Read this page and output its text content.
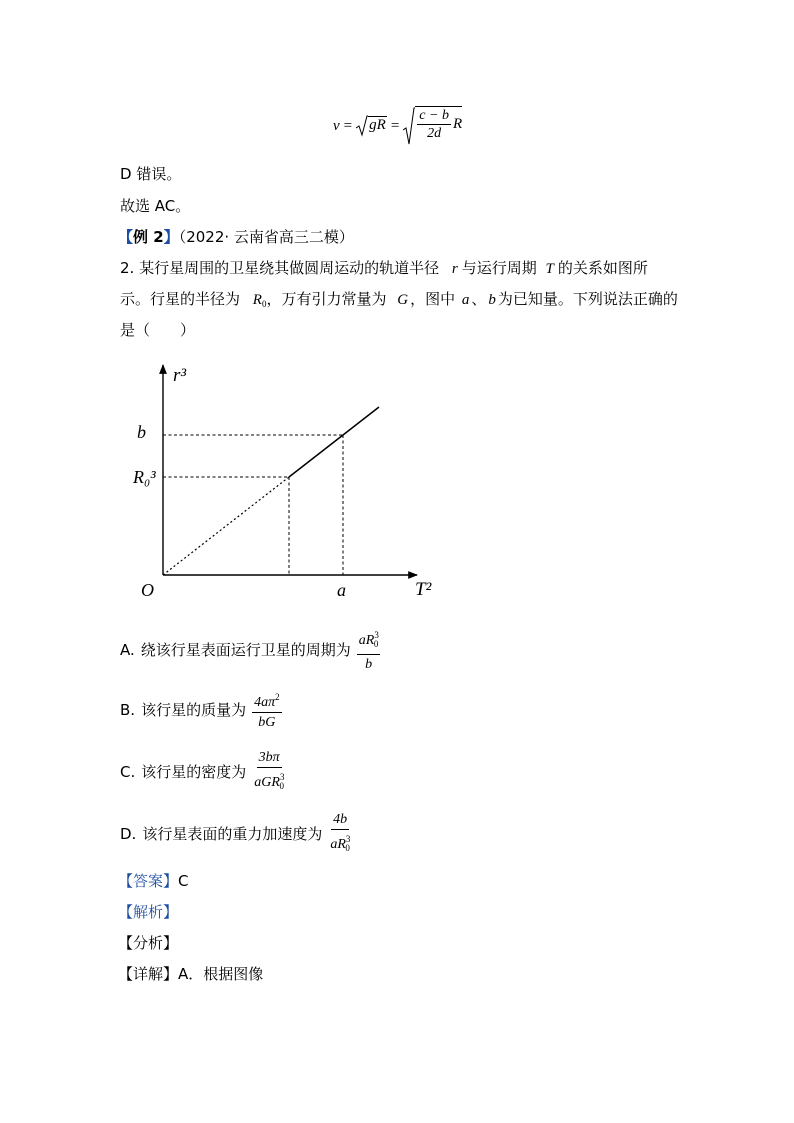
v = gR = $\frac{c - b}{2d}$ R
D 错误。
故选 AC。
【例 2】（2022· 云南省高三二模）
2. 某行星周围的卫星绕其做圆周运动的轨道半径 r 与运行周期 T 的关系如图所
示。行星的半径为 $R_0$，万有引力常量为 G ，图中 a 、 b 为已知量。下列说法正确的
是（　　）
r³
T²
O	a
b
R₀³
A. 绕该行星表面运行卫星的周期为 $\frac{aR^3_0}{b}$
B. 该行星的质量为 $\frac{4a\pi^2}{bG}$
C. 该行星的密度为 $\frac{3b\pi}{aGR^3_0}$
D. 该行星表面的重力加速度为 $\frac{4b}{aR^3_0}$
【答案】C
【解析】
【分析】
【详解】A．根据图像
